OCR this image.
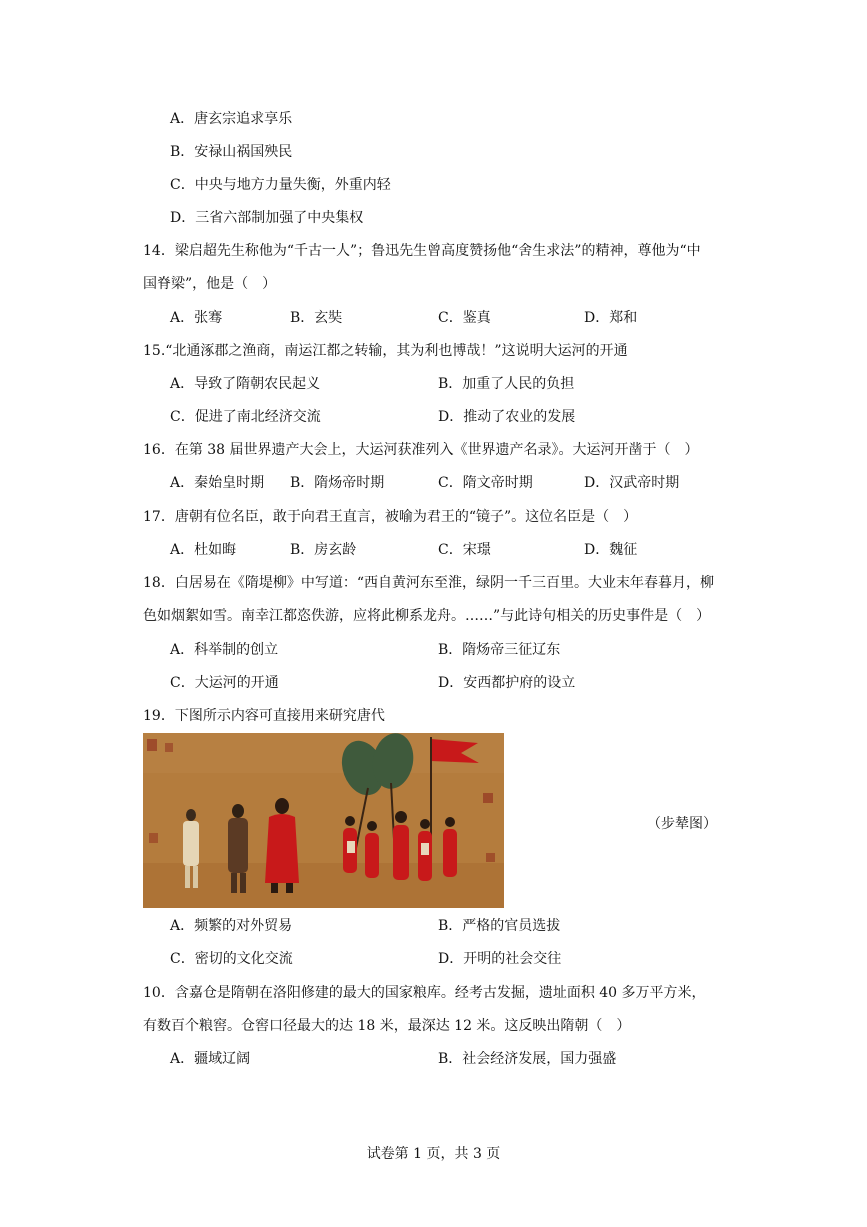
A．唐玄宗追求享乐
B．安禄山祸国殃民
C．中央与地方力量失衡，外重内轻
D．三省六部制加强了中央集权
14．梁启超先生称他为“千古一人”；鲁迅先生曾高度赞扬他“舍生求法”的精神，尊他为“中
国脊梁”，他是（　）
A．张骞	B．玄奘	C．鉴真	D．郑和
15.“北通涿郡之渔商，南运江都之转输，其为利也博哉！”这说明大运河的开通
A．导致了隋朝农民起义	B．加重了人民的负担
C．促进了南北经济交流	D．推动了农业的发展
16．在第 38 届世界遗产大会上，大运河获准列入《世界遗产名录》。大运河开凿于（　）
A．秦始皇时期 B．隋炀帝时期	C．隋文帝时期	D．汉武帝时期
17．唐朝有位名臣，敢于向君王直言，被喻为君王的“镜子”。这位名臣是（　）
A．杜如晦	B．房玄龄	C．宋璟	D．魏征
18．白居易在《隋堤柳》中写道：“西自黄河东至淮，绿阴一千三百里。大业末年春暮月，柳
色如烟絮如雪。南幸江都恣佚游，应将此柳系龙舟。……”与此诗句相关的历史事件是（　）
A．科举制的创立	B．隋炀帝三征辽东
C．大运河的开通	D．安西都护府的设立
19．下图所示内容可直接用来研究唐代
（步辇图）
A．频繁的对外贸易	B．严格的官员选拔
C．密切的文化交流	D．开明的社会交往
10．含嘉仓是隋朝在洛阳修建的最大的国家粮库。经考古发掘，遗址面积 40 多万平方米，
有数百个粮窖。仓窖口径最大的达 18 米，最深达 12 米。这反映出隋朝（　）
A．疆域辽阔	B．社会经济发展，国力强盛
试卷第 1 页，共 3 页
